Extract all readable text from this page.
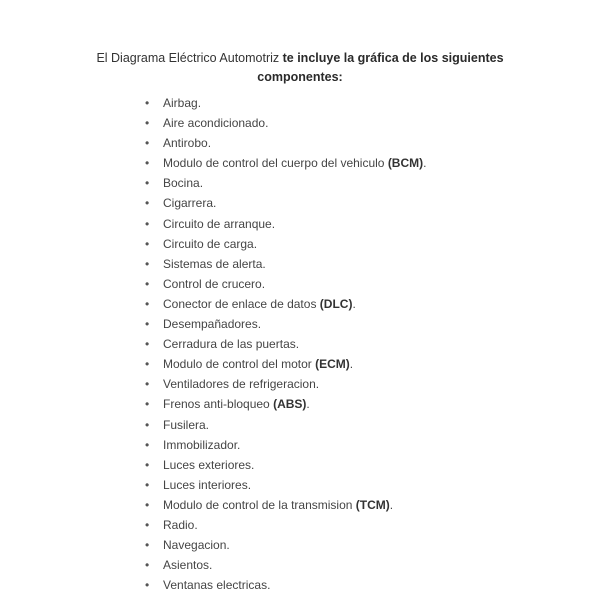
El Diagrama Eléctrico Automotriz te incluye la gráfica de los siguientes componentes:

• Airbag.
• Aire acondicionado.
• Antirobo.
• Modulo de control del cuerpo del vehiculo (BCM).
• Bocina.
• Cigarrera.
• Circuito de arranque.
• Circuito de carga.
• Sistemas de alerta.
• Control de crucero.
• Conector de enlace de datos (DLC).
• Desempañadores.
• Cerradura de las puertas.
• Modulo de control del motor (ECM).
• Ventiladores de refrigeracion.
• Frenos anti-bloqueo (ABS).
• Fusilera.
• Immobilizador.
• Luces exteriores.
• Luces interiores.
• Modulo de control de la transmision (TCM).
• Radio.
• Navegacion.
• Asientos.
• Ventanas electricas.
